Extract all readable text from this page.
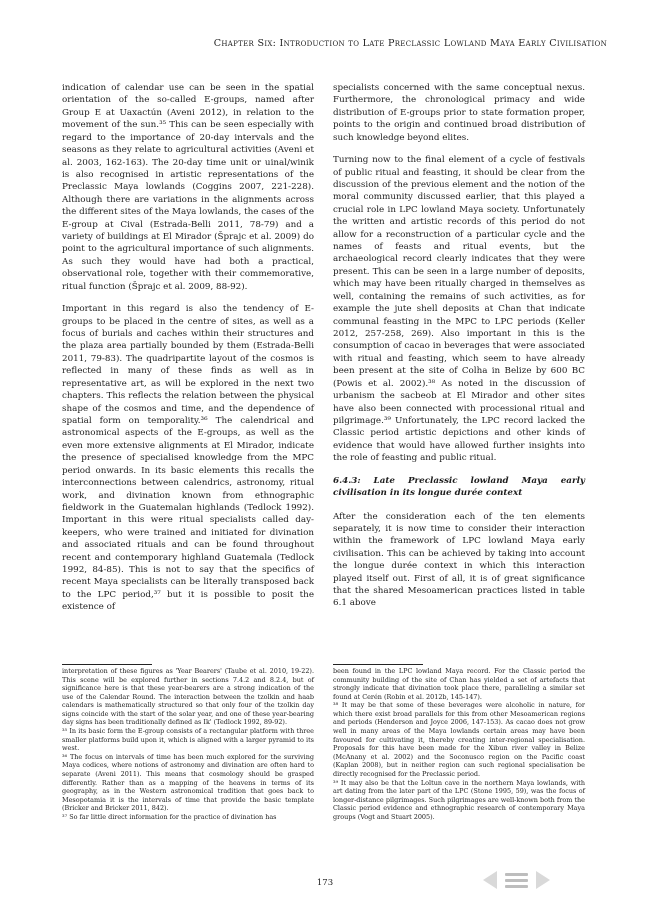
Chapter Six: Introduction to Late Preclassic Lowland Maya Early Civilisation

indication of calendar use can be seen in the spatial orientation of the so-called E-groups, named after Group E at Uaxactún (Aveni 2012), in relation to the movement of the sun.³⁵ This can be seen especially with regard to the importance of 20-day intervals and the seasons as they relate to agricultural activities (Aveni et al. 2003, 162-163). The 20-day time unit or uinal/winik is also recognised in artistic representations of the Preclassic Maya lowlands (Coggins 2007, 221-228). Although there are variations in the alignments across the different sites of the Maya lowlands, the cases of the E-group at Cival (Estrada-Belli 2011, 78-79) and a variety of buildings at El Mirador (Šprajc et al. 2009) do point to the agricultural importance of such alignments. As such they would have had both a practical, observational role, together with their commemorative, ritual function (Šprajc et al. 2009, 88-92).

Important in this regard is also the tendency of E-groups to be placed in the centre of sites, as well as a focus of burials and caches within their structures and the plaza area partially bounded by them (Estrada-Belli 2011, 79-83). The quadripartite layout of the cosmos is reflected in many of these finds as well as in representative art, as will be explored in the next two chapters. This reflects the relation between the physical shape of the cosmos and time, and the dependence of spatial form on temporality.³⁶ The calendrical and astronomical aspects of the E-groups, as well as the even more extensive alignments at El Mirador, indicate the presence of specialised knowledge from the MPC period onwards. In its basic elements this recalls the interconnections between calendrics, astronomy, ritual work, and divination known from ethnographic fieldwork in the Guatemalan highlands (Tedlock 1992). Important in this were ritual specialists called day-keepers, who were trained and initiated for divination and associated rituals and can be found throughout recent and contemporary highland Guatemala (Tedlock 1992, 84-85). This is not to say that the specifics of recent Maya specialists can be literally transposed back to the LPC period,³⁷ but it is possible to posit the existence of

specialists concerned with the same conceptual nexus. Furthermore, the chronological primacy and wide distribution of E-groups prior to state formation proper, points to the origin and continued broad distribution of such knowledge beyond elites.

Turning now to the final element of a cycle of festivals of public ritual and feasting, it should be clear from the discussion of the previous element and the notion of the moral community discussed earlier, that this played a crucial role in LPC lowland Maya society. Unfortunately the written and artistic records of this period do not allow for a reconstruction of a particular cycle and the names of feasts and ritual events, but the archaeological record clearly indicates that they were present. This can be seen in a large number of deposits, which may have been ritually charged in themselves as well, containing the remains of such activities, as for example the jute shell deposits at Chan that indicate communal feasting in the MPC to LPC periods (Keller 2012, 257-258, 269). Also important in this is the consumption of cacao in beverages that were associated with ritual and feasting, which seem to have already been present at the site of Colha in Belize by 600 BC (Powis et al. 2002).³⁸ As noted in the discussion of urbanism the sacbeob at El Mirador and other sites have also been connected with processional ritual and pilgrimage.³⁹ Unfortunately, the LPC record lacked the Classic period artistic depictions and other kinds of evidence that would have allowed further insights into the role of feasting and public ritual.

6.4.3: Late Preclassic lowland Maya early civilisation in its longue durée context

After the consideration each of the ten elements separately, it is now time to consider their interaction within the framework of LPC lowland Maya early civilisation. This can be achieved by taking into account the longue durée context in which this interaction played itself out. First of all, it is of great significance that the shared Mesoamerican practices listed in table 6.1 above

interpretation of these figures as 'Year Bearers' (Taube et al. 2010, 19-22). This scene will be explored further in sections 7.4.2 and 8.2.4, but of significance here is that these year-bearers are a strong indication of the use of the Calendar Round. The interaction between the tzolkin and haab calendars is mathematically structured so that only four of the tzolkin day signs coincide with the start of the solar year, and one of these year-bearing day signs has been traditionally defined as Ik' (Tedlock 1992, 89-92).

³⁵ In its basic form the E-group consists of a rectangular platform with three smaller platforms build upon it, which is aligned with a larger pyramid to its west.

³⁶ The focus on intervals of time has been much explored for the surviving Maya codices, where notions of astronomy and divination are often hard to separate (Aveni 2011). This means that cosmology should be grasped differently. Rather than as a mapping of the heavens in terms of its geography, as in the Western astronomical tradition that goes back to Mesopotamia it is the intervals of time that provide the basic template (Bricker and Bricker 2011, 842).

³⁷ So far little direct information for the practice of divination has

been found in the LPC lowland Maya record. For the Classic period the community building of the site of Chan has yielded a set of artefacts that strongly indicate that divination took place there, paralleling a similar set found at Cerén (Robin et al. 2012b, 145-147).

³⁸ It may be that some of these beverages were alcoholic in nature, for which there exist broad parallels for this from other Mesoamerican regions and periods (Henderson and Joyce 2006, 147-153). As cacao does not grow well in many areas of the Maya lowlands certain areas may have been favoured for cultivating it, thereby creating inter-regional specialisation. Proposals for this have been made for the Xibun river valley in Belize (McAnany et al. 2002) and the Soconusco region on the Pacific coast (Kaplan 2008), but in neither region can such regional specialisation be directly recognised for the Preclassic period.

³⁹ It may also be that the Loltun cave in the northern Maya lowlands, with art dating from the later part of the LPC (Stone 1995, 59), was the focus of longer-distance pilgrimages. Such pilgrimages are well-known both from the Classic period evidence and ethnographic research of contemporary Maya groups (Vogt and Stuart 2005).

173
